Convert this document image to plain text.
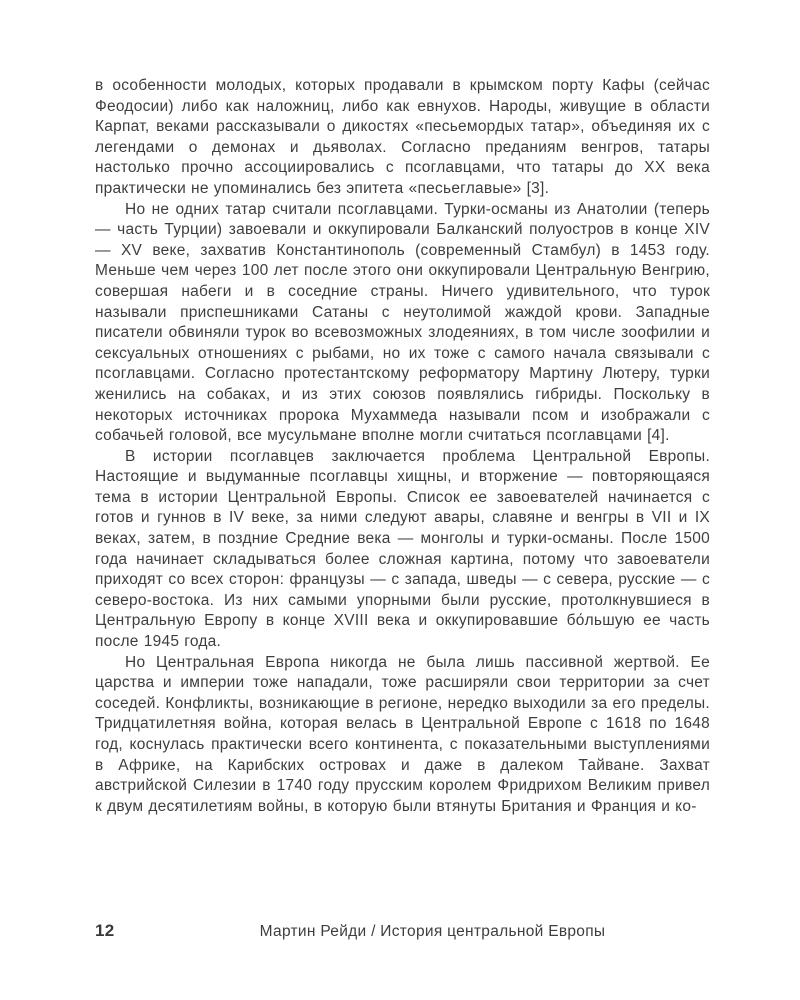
в особенности молодых, которых продавали в крымском порту Кафы (сейчас Феодосии) либо как наложниц, либо как евнухов. Народы, живущие в области Карпат, веками рассказывали о дикостях «песьемордых татар», объединяя их с легендами о демонах и дьяволах. Согласно преданиям венгров, татары настолько прочно ассоциировались с псоглавцами, что татары до XX века практически не упоминались без эпитета «песьеглавые» [3].

Но не одних татар считали псоглавцами. Турки-османы из Анатолии (теперь — часть Турции) завоевали и оккупировали Балканский полуостров в конце XIV — XV веке, захватив Константинополь (современный Стамбул) в 1453 году. Меньше чем через 100 лет после этого они оккупировали Центральную Венгрию, совершая набеги и в соседние страны. Ничего удивительного, что турок называли приспешниками Сатаны с неутолимой жаждой крови. Западные писатели обвиняли турок во всевозможных злодеяниях, в том числе зоофилии и сексуальных отношениях с рыбами, но их тоже с самого начала связывали с псоглавцами. Согласно протестантскому реформатору Мартину Лютеру, турки женились на собаках, и из этих союзов появлялись гибриды. Поскольку в некоторых источниках пророка Мухаммеда называли псом и изображали с собачьей головой, все мусульмане вполне могли считаться псоглавцами [4].

В истории псоглавцев заключается проблема Центральной Европы. Настоящие и выдуманные псоглавцы хищны, и вторжение — повторяющаяся тема в истории Центральной Европы. Список ее завоевателей начинается с готов и гуннов в IV веке, за ними следуют авары, славяне и венгры в VII и IX веках, затем, в поздние Средние века — монголы и турки-османы. После 1500 года начинает складываться более сложная картина, потому что завоеватели приходят со всех сторон: французы — с запада, шведы — с севера, русские — с северо-востока. Из них самыми упорными были русские, протолкнувшиеся в Центральную Европу в конце XVIII века и оккупировавшие бо́льшую ее часть после 1945 года.

Но Центральная Европа никогда не была лишь пассивной жертвой. Ее царства и империи тоже нападали, тоже расширяли свои территории за счет соседей. Конфликты, возникающие в регионе, нередко выходили за его пределы. Тридцатилетняя война, которая велась в Центральной Европе с 1618 по 1648 год, коснулась практически всего континента, с показательными выступлениями в Африке, на Карибских островах и даже в далеком Тайване. Захват австрийской Силезии в 1740 году прусским королем Фридрихом Великим привел к двум десятилетиям войны, в которую были втянуты Британия и Франция и ко-

12	Мартин Рейди / История центральной Европы
